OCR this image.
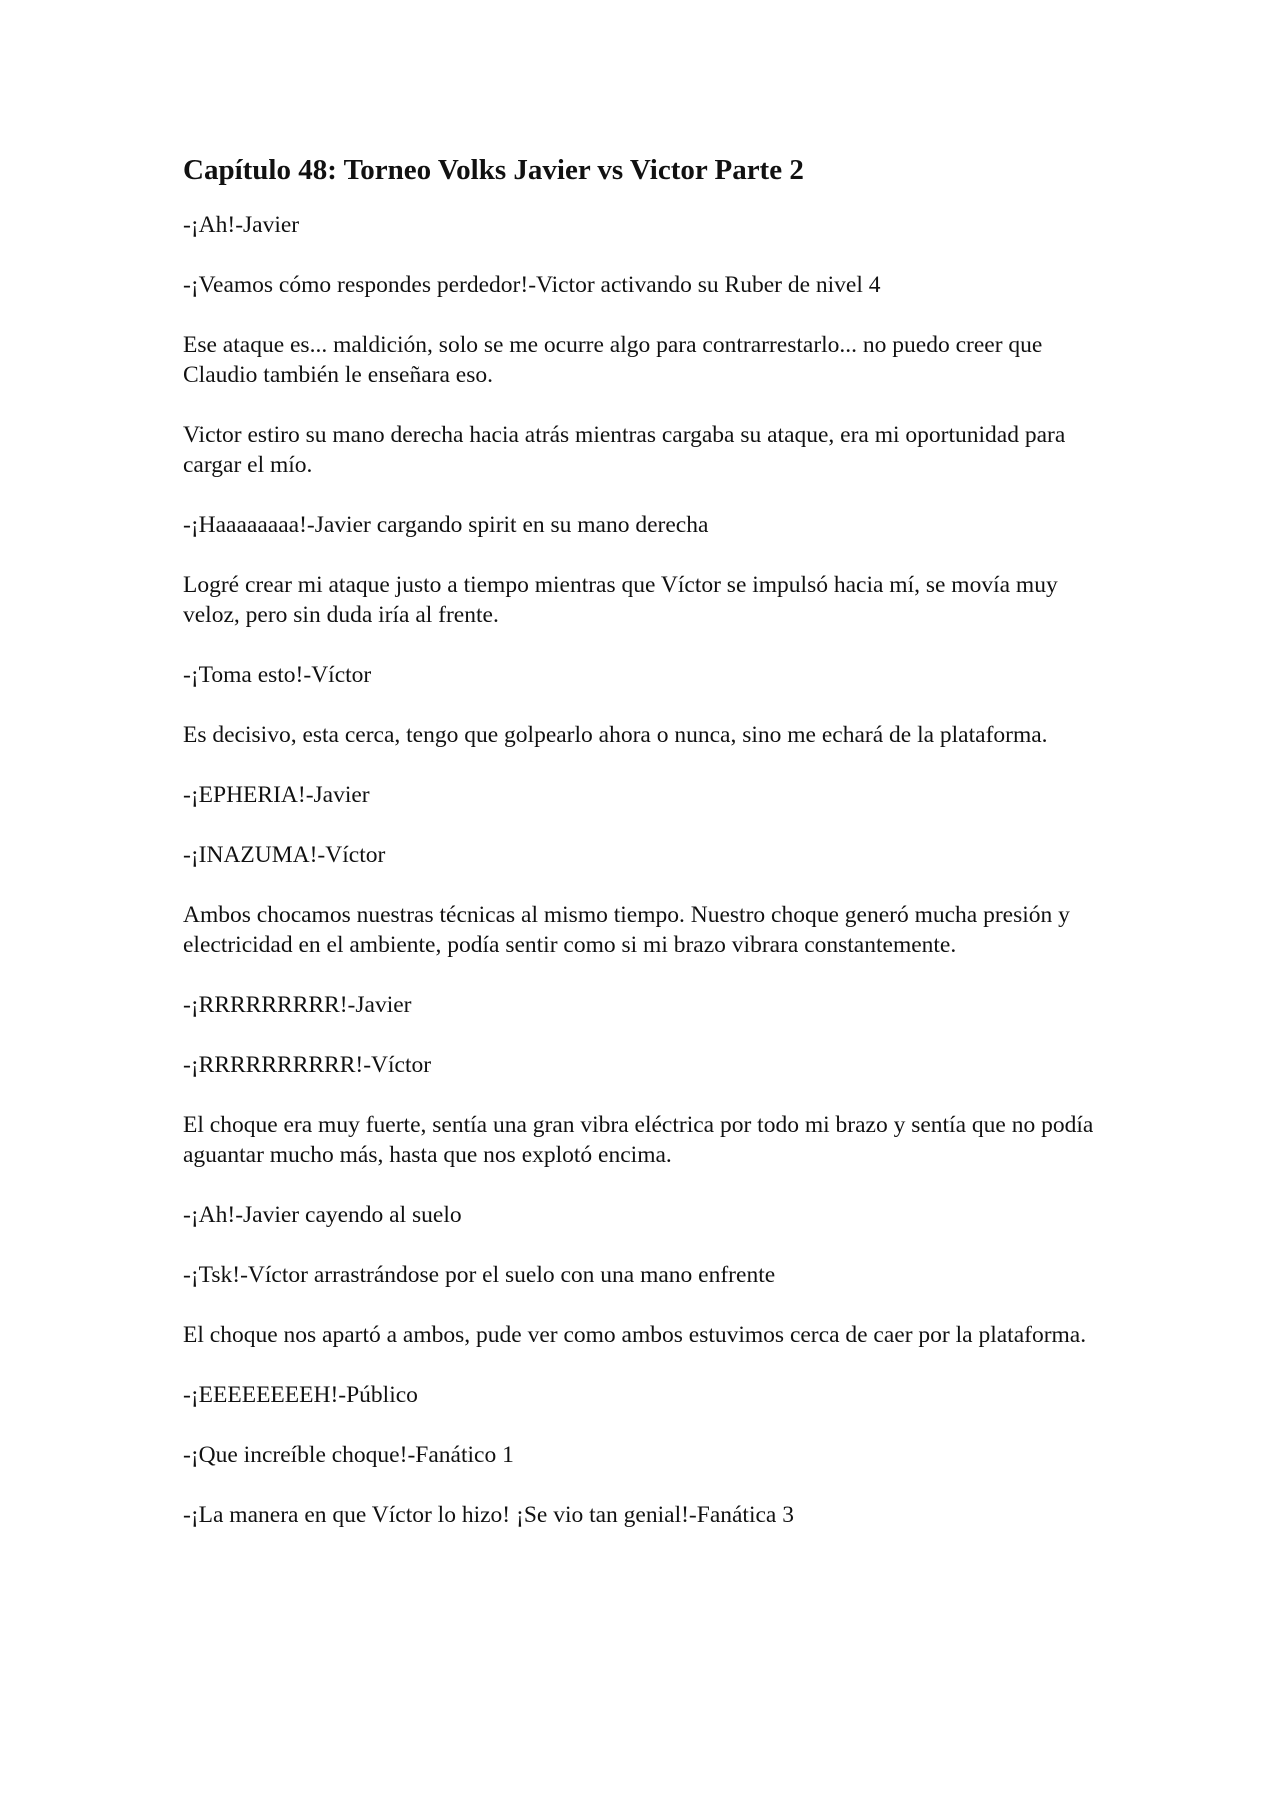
Capítulo 48: Torneo Volks Javier vs Victor Parte 2

-¡Ah!-Javier

-¡Veamos cómo respondes perdedor!-Victor activando su Ruber de nivel 4

Ese ataque es... maldición, solo se me ocurre algo para contrarrestarlo... no puedo creer que Claudio también le enseñara eso.

Victor estiro su mano derecha hacia atrás mientras cargaba su ataque, era mi oportunidad para cargar el mío.

-¡Haaaaaaaa!-Javier cargando spirit en su mano derecha

Logré crear mi ataque justo a tiempo mientras que Víctor se impulsó hacia mí, se movía muy veloz, pero sin duda iría al frente.

-¡Toma esto!-Víctor

Es decisivo, esta cerca, tengo que golpearlo ahora o nunca, sino me echará de la plataforma.

-¡EPHERIA!-Javier

-¡INAZUMA!-Víctor

Ambos chocamos nuestras técnicas al mismo tiempo. Nuestro choque generó mucha presión y electricidad en el ambiente, podía sentir como si mi brazo vibrara constantemente.

-¡RRRRRRRRR!-Javier

-¡RRRRRRRRRR!-Víctor

El choque era muy fuerte, sentía una gran vibra eléctrica por todo mi brazo y sentía que no podía aguantar mucho más, hasta que nos explotó encima.

-¡Ah!-Javier cayendo al suelo

-¡Tsk!-Víctor arrastrándose por el suelo con una mano enfrente

El choque nos apartó a ambos, pude ver como ambos estuvimos cerca de caer por la plataforma.

-¡EEEEEEEEH!-Público

-¡Que increíble choque!-Fanático 1

-¡La manera en que Víctor lo hizo! ¡Se vio tan genial!-Fanática 3
